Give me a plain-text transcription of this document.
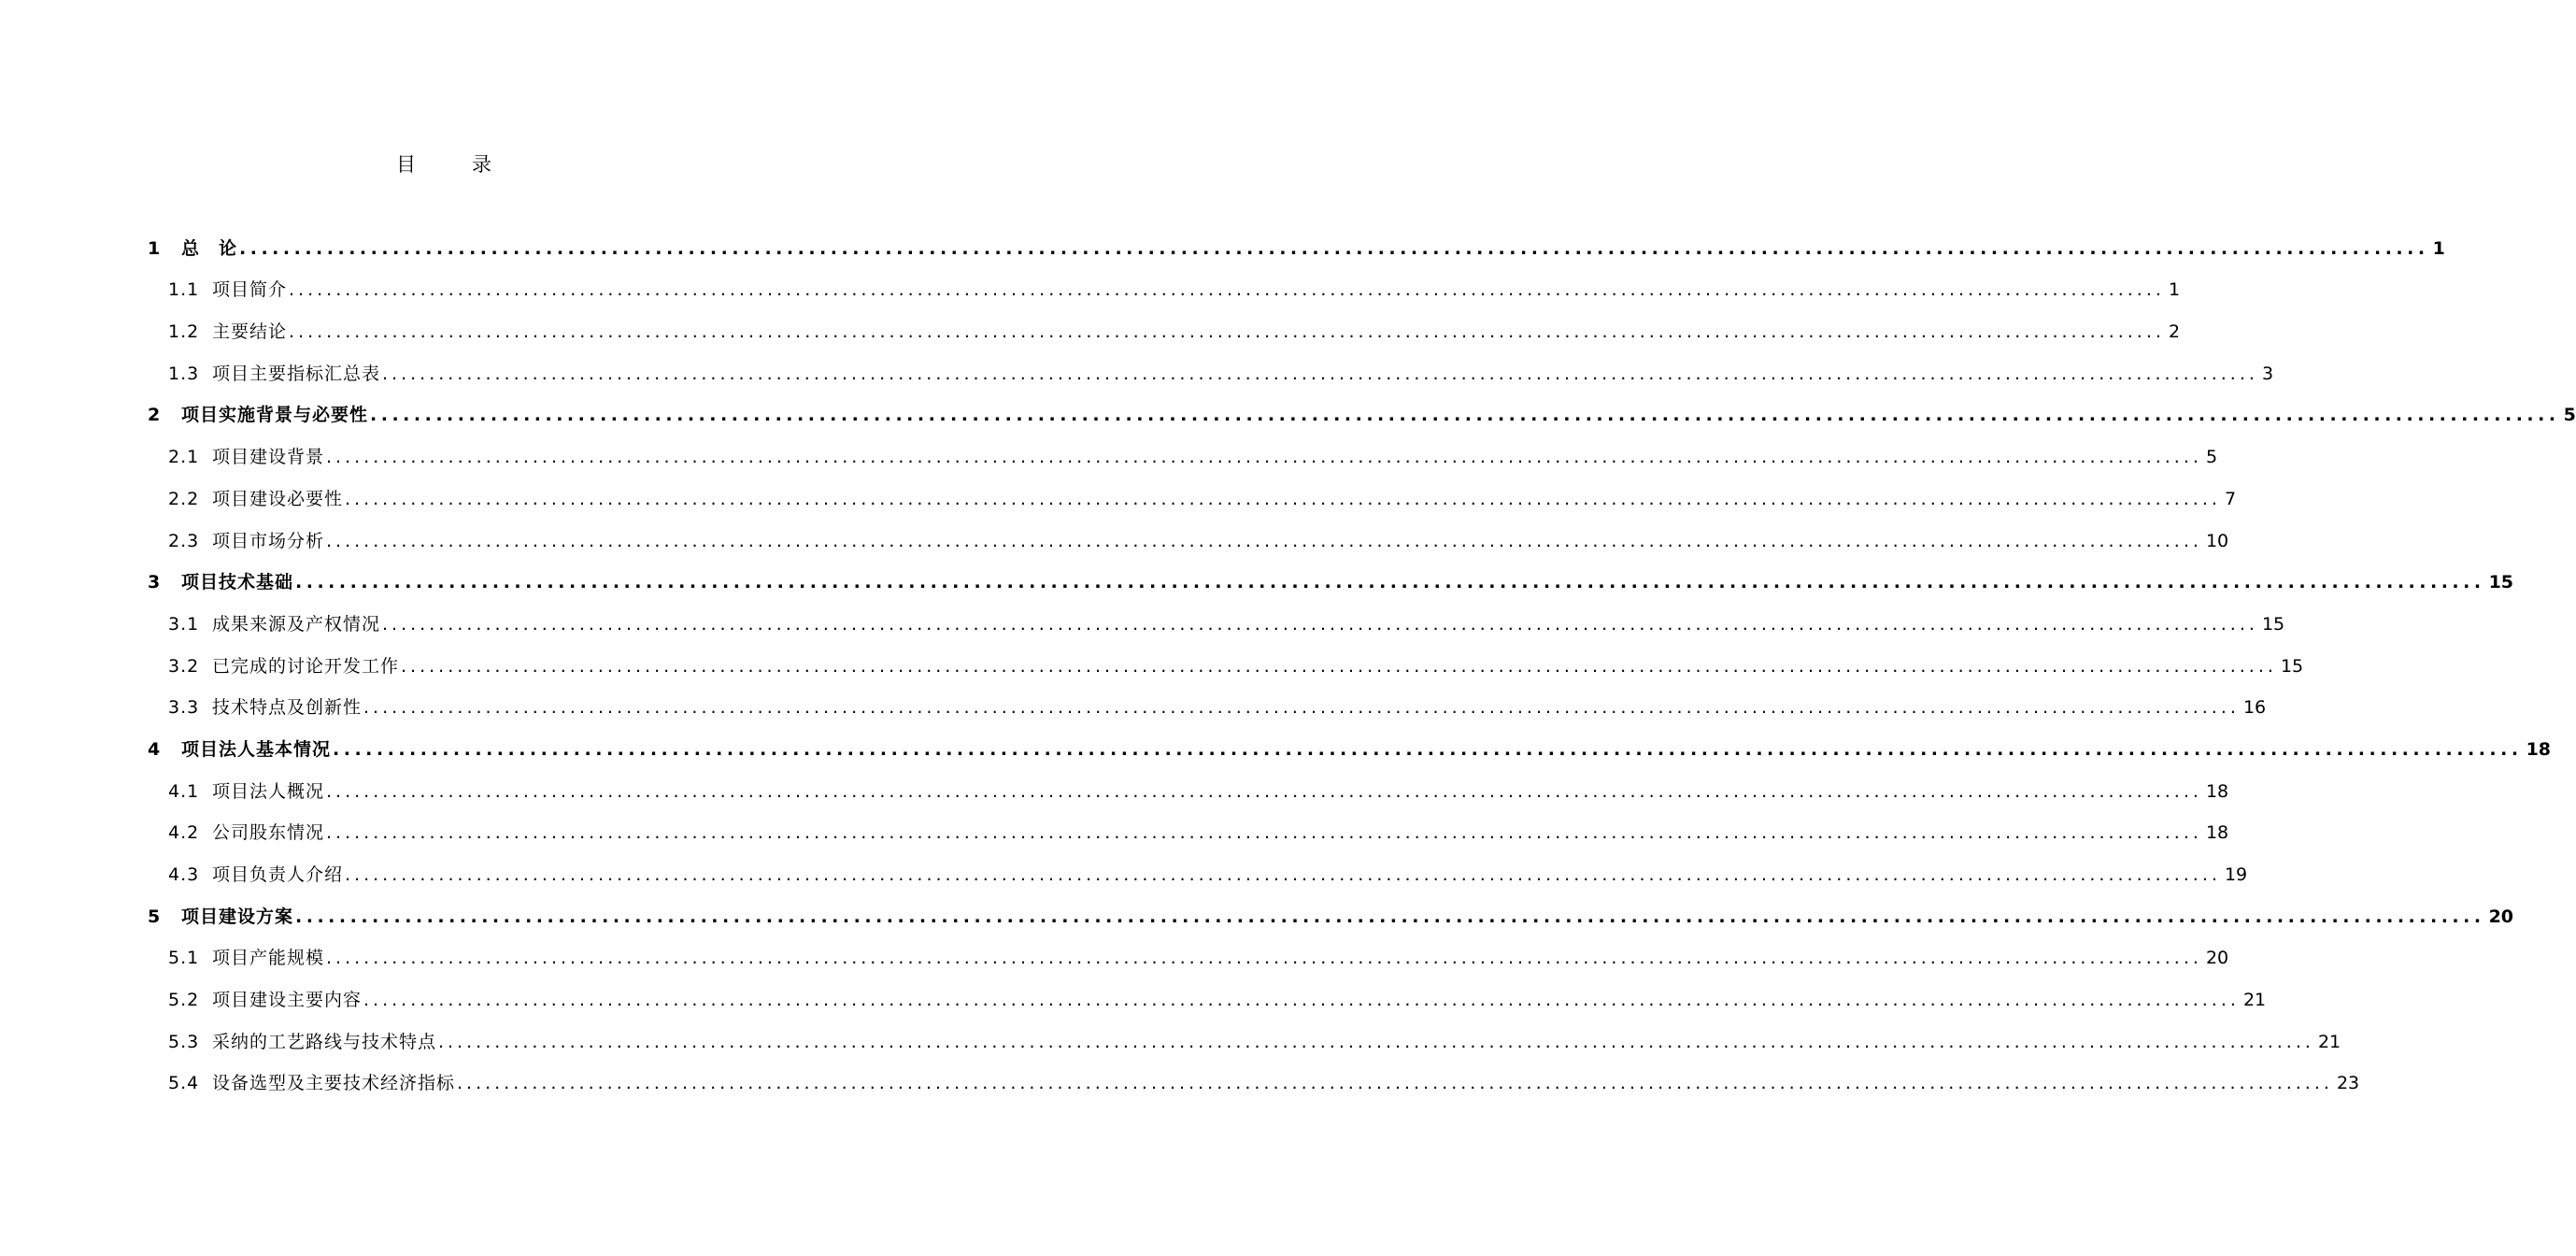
目	录
1	总　论 ........................................................................................................................................................................................................ 1
1.1 项目简介 ........................................................................................................................................................................................................ 1
1.2 主要结论 ........................................................................................................................................................................................................ 2
1.3 项目主要指标汇总表 ........................................................................................................................................................................................................ 3
2	项目实施背景与必要性 ........................................................................................................................................................................................................ 5
2.1 项目建设背景 ........................................................................................................................................................................................................ 5
2.2 项目建设必要性 ........................................................................................................................................................................................................ 7
2.3 项目市场分析 ........................................................................................................................................................................................................ 10
3	项目技术基础 ........................................................................................................................................................................................................ 15
3.1 成果来源及产权情况 ........................................................................................................................................................................................................ 15
3.2 已完成的讨论开发工作 ........................................................................................................................................................................................................ 15
3.3 技术特点及创新性 ........................................................................................................................................................................................................ 16
4	项目法人基本情况 ........................................................................................................................................................................................................ 18
4.1 项目法人概况 ........................................................................................................................................................................................................ 18
4.2 公司股东情况 ........................................................................................................................................................................................................ 18
4.3 项目负责人介绍 ........................................................................................................................................................................................................ 19
5	项目建设方案 ........................................................................................................................................................................................................ 20
5.1 项目产能规模 ........................................................................................................................................................................................................ 20
5.2 项目建设主要内容 ........................................................................................................................................................................................................ 21
5.3 采纳的工艺路线与技术特点 ........................................................................................................................................................................................................ 21
5.4 设备选型及主要技术经济指标 ........................................................................................................................................................................................................ 23
